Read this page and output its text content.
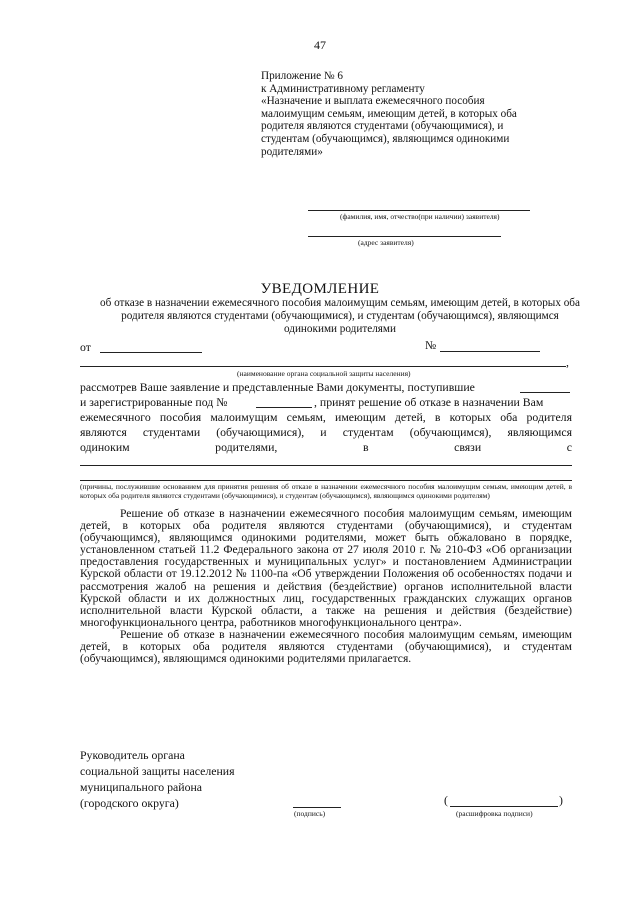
47
Приложение № 6
к Административному регламенту
«Назначение и выплата ежемесячного пособия
малоимущим семьям, имеющим детей, в которых оба
родителя являются студентами (обучающимися), и
студентам (обучающимся), являющимся одинокими
родителями»
(фамилия, имя, отчество(при наличии) заявителя)
(адрес заявителя)
УВЕДОМЛЕНИЕ
об отказе в назначении ежемесячного пособия малоимущим семьям, имеющим детей, в которых оба родителя являются студентами (обучающимися), и студентам (обучающимся), являющимся одинокими родителями
от	№
,
(наименование органа социальной защиты населения)
рассмотрев Ваше заявление и представленные Вами документы, поступившие
и зарегистрированные под №	, принят решение об отказе в назначении Вам
ежемесячного пособия малоимущим семьям, имеющим детей, в которых оба родителя
являются студентами (обучающимися), и студентам (обучающимся), являющимся
одиноким	родителями,	в	связи	с
(причины, послужившие основанием для принятия решения об отказе в назначении ежемесячного пособия малоимущим семьям, имеющим детей, в которых оба родителя являются студентами (обучающимися), и студентам (обучающимся), являющимся одинокими родителям)

Решение об отказе в назначении ежемесячного пособия малоимущим семьям, имеющим детей, в которых оба родителя являются студентами (обучающимися), и студентам (обучающимся), являющимся одинокими родителями, может быть обжаловано в порядке, установленном статьей 11.2 Федерального закона от 27 июля 2010 г. № 210-ФЗ «Об организации предоставления государственных и муниципальных услуг» и постановлением Администрации Курской области от 19.12.2012 № 1100-па «Об утверждении Положения об особенностях подачи и рассмотрения жалоб на решения и действия (бездействие) органов исполнительной власти Курской области и их должностных лиц, государственных гражданских служащих органов исполнительной власти Курской области, а также на решения и действия (бездействие) многофункционального центра, работников многофункционального центра».

Решение об отказе в назначении ежемесячного пособия малоимущим семьям, имеющим детей, в которых оба родителя являются студентами (обучающимися), и студентам (обучающимся), являющимся одинокими родителями прилагается.

Руководитель органа
социальной защиты населения
муниципального района
(городского округа)
(подпись)
(	)
(расшифровка подписи)
